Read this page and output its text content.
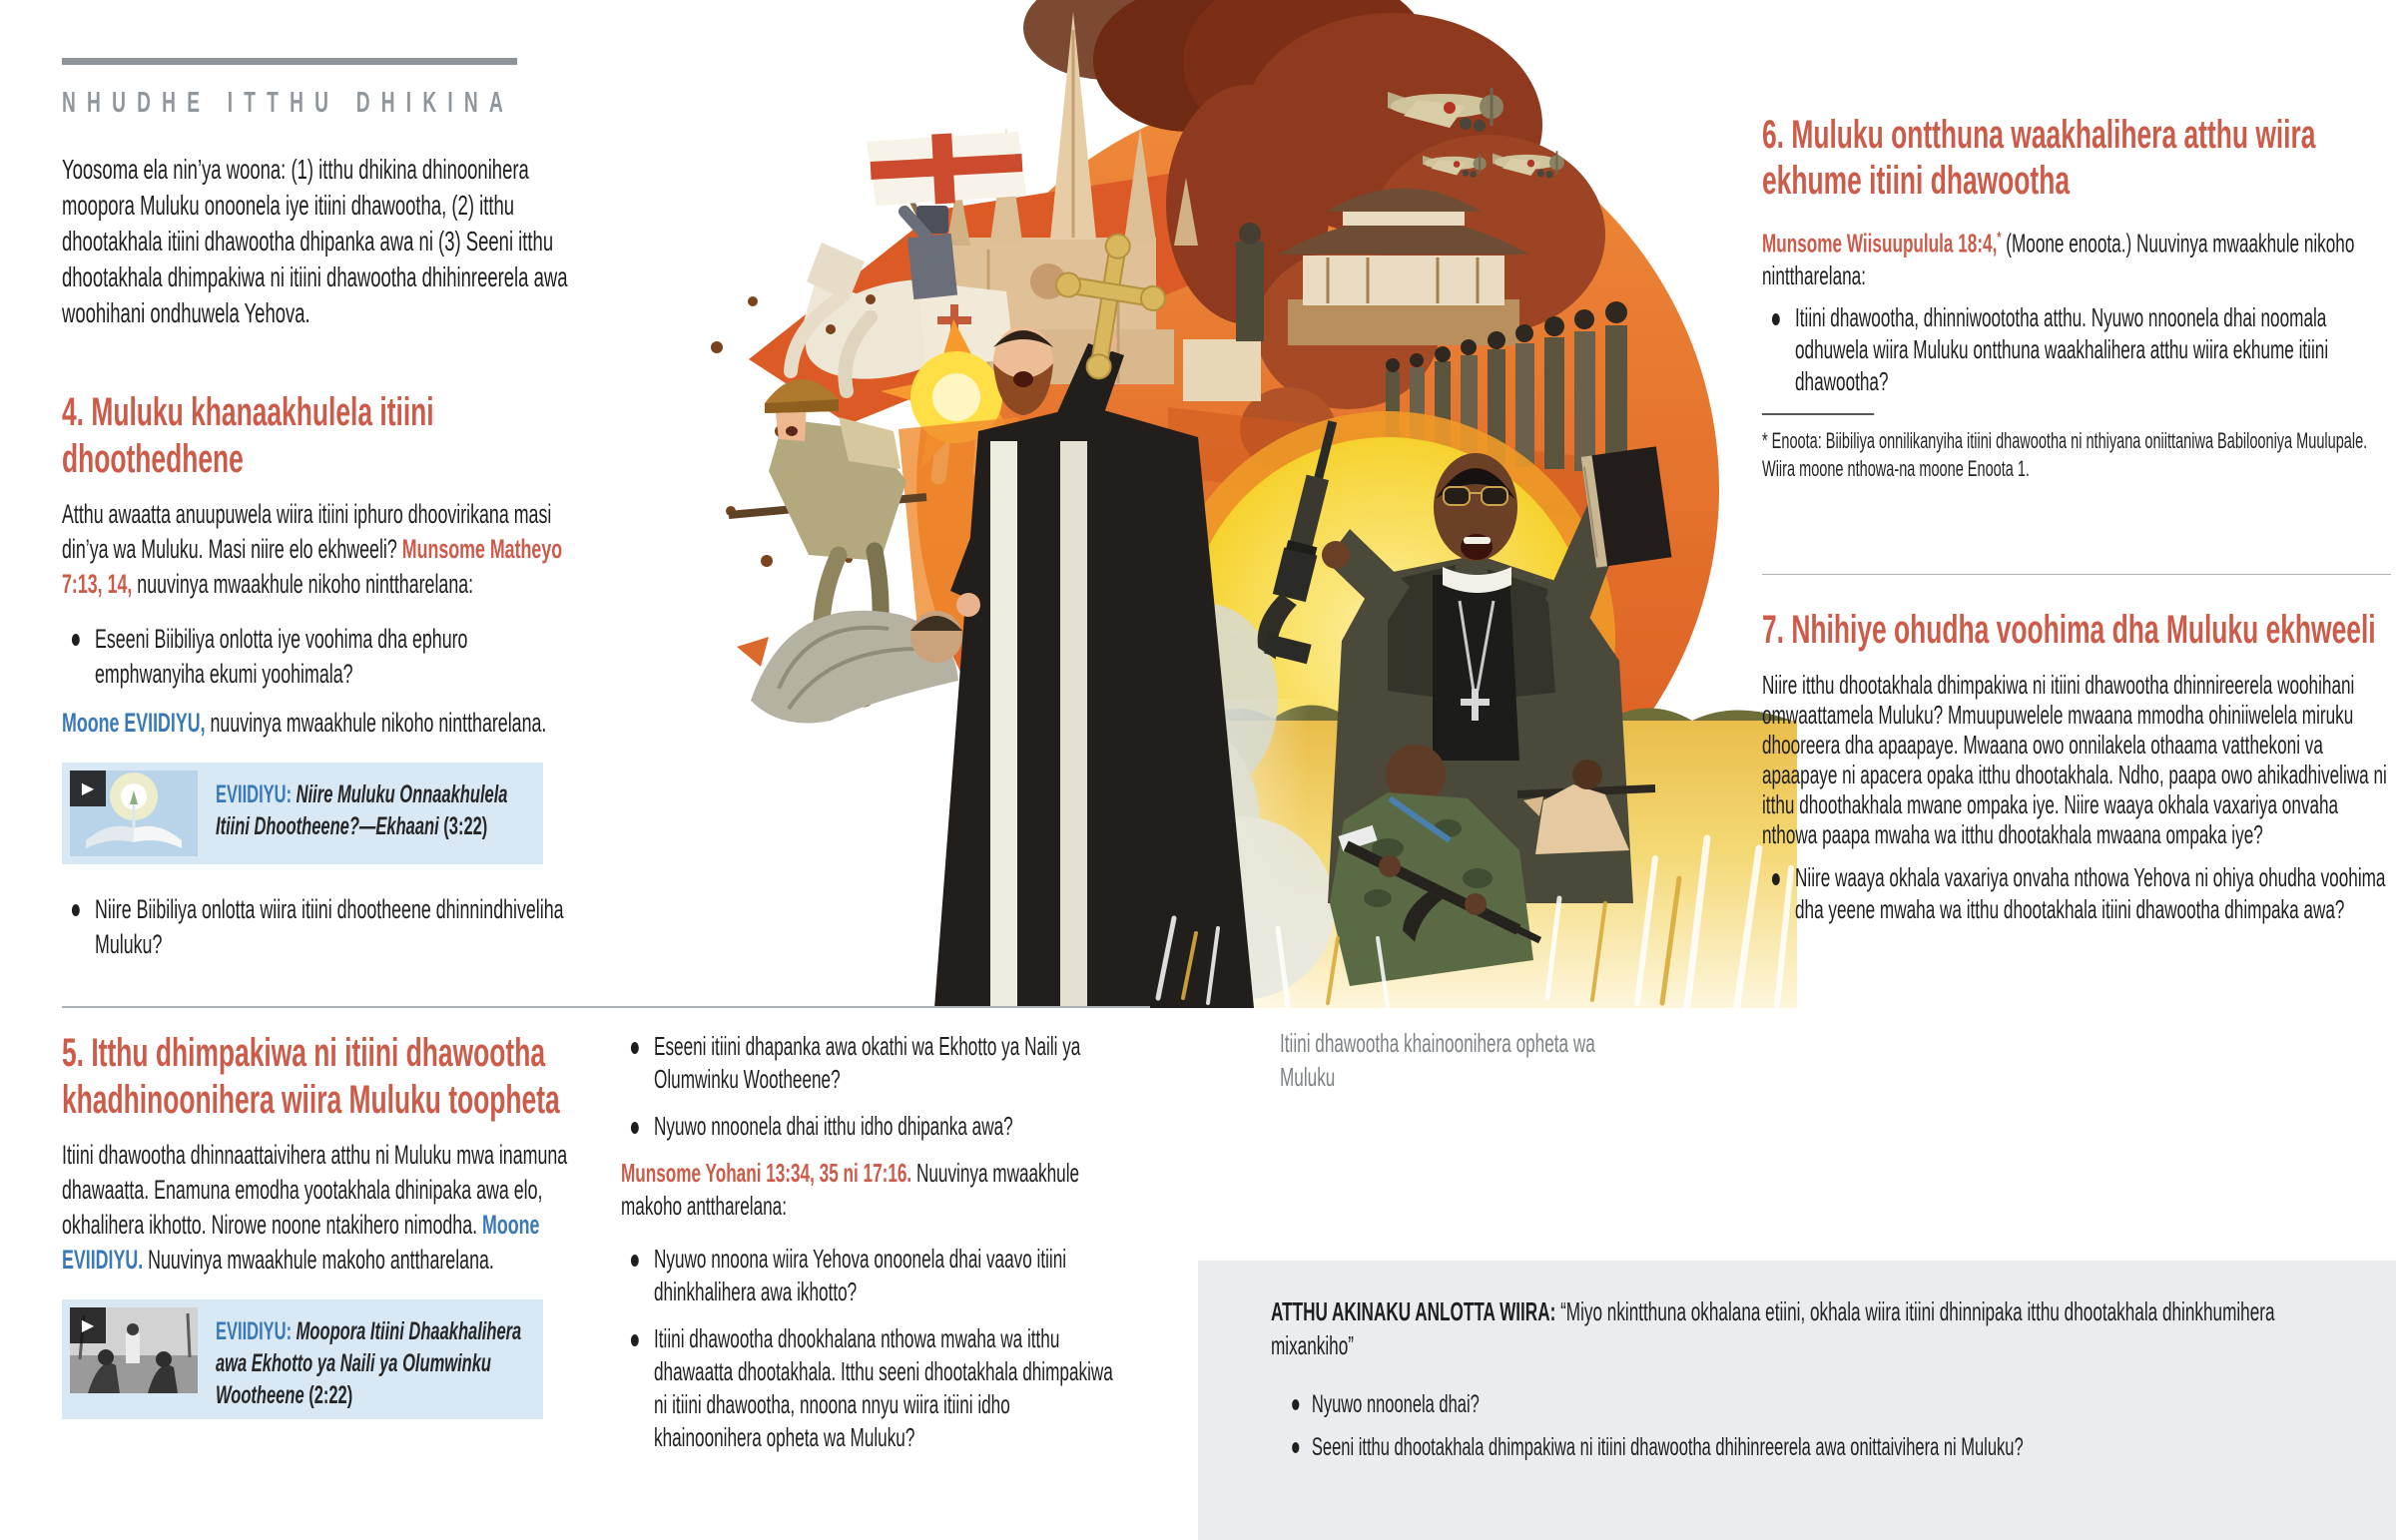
NHUDHE ITTHU DHIKINA

Yoosoma ela nin’ya woona: (1) itthu dhikina dhinoonihera moopora Muluku onoonela iye itiini dhawootha, (2) itthu dhootakhala itiini dhawootha dhipanka awa ni (3) Seeni itthu dhootakhala dhimpakiwa ni itiini dhawootha dhihinreerela awa woohihani ondhuwela Yehova.

4. Muluku khanaakhulela itiini dhoothedhene

Atthu awaatta anuupuwela wiira itiini iphuro dhoovirikana masi din’ya wa Muluku. Masi niire elo ekhweeli? Munsome Matheyo 7:13, 14, nuuvinya mwaakhule nikoho ninttharelana:

Eseeni Biibiliya onlotta iye voohima dha ephuro emphwanyiha ekumi yoohimala?

Moone EVIIDIYU, nuuvinya mwaakhule nikoho ninttharelana.

▶	EVIIDIYU: Niire Muluku Onnaakhulela Itiini Dhootheene?—Ekhaani (3:22)

Niire Biibiliya onlotta wiira itiini dhootheene dhinnindhiveliha Muluku?
5. Itthu dhimpakiwa ni itiini dhawootha khadhinoonihera wiira Muluku toopheta

Itiini dhawootha dhinnaattaivihera atthu ni Muluku mwa inamuna dhawaatta. Enamuna emodha yootakhala dhinipaka awa elo, okhalihera ikhotto. Nirowe noone ntakihero nimodha. Moone EVIIDIYU. Nuuvinya mwaakhule makoho anttharelana.

▶	EVIIDIYU: Moopora Itiini Dhaakhalihera awa Ekhotto ya Naili ya Olumwinku Wootheene (2:22)

Eseeni itiini dhapanka awa okathi wa Ekhotto ya Naili ya Olumwinku Wootheene?
Nyuwo nnoonela dhai itthu idho dhipanka awa?

Munsome Yohani 13:34, 35 ni 17:16. Nuuvinya mwaakhule makoho anttharelana:

Nyuwo nnoona wiira Yehova onoonela dhai vaavo itiini dhinkhalihera awa ikhotto?
Itiini dhawootha dhookhalana nthowa mwaha wa itthu dhawaatta dhootakhala. Itthu seeni dhootakhala dhimpakiwa ni itiini dhawootha, nnoona nnyu wiira itiini idho khainoonihera opheta wa Muluku?

Itiini dhawootha khainoonihera opheta wa Muluku

6. Muluku ontthuna waakhalihera atthu wiira ekhume itiini dhawootha

Munsome Wiisuupulula 18:4,* (Moone enoota.) Nuuvinya mwaakhule nikoho ninttharelana:

Itiini dhawootha, dhinniwoototha atthu. Nyuwo nnoonela dhai noomala odhuwela wiira Muluku ontthuna waakhalihera atthu wiira ekhume itiini dhawootha?

* Enoota: Biibiliya onnilikanyiha itiini dhawootha ni nthiyana oniittaniwa Babilooniya Muulupale. Wiira moone nthowa-na moone Enoota 1.

7. Nhihiye ohudha voohima dha Muluku ekhweeli

Niire itthu dhootakhala dhimpakiwa ni itiini dhawootha dhinnireerela woohihani omwaattamela Muluku? Mmuupuwelele mwaana mmodha ohiniiwelela miruku dhooreera dha apaapaye. Mwaana owo onnilakela othaama vatthekoni va apaapaye ni apacera opaka itthu dhootakhala. Ndho, paapa owo ahikadhiveliwa ni itthu dhoothakhala mwane ompaka iye. Niire waaya okhala vaxariya onvaha nthowa paapa mwaha wa itthu dhootakhala mwaana ompaka iye?

Niire waaya okhala vaxariya onvaha nthowa Yehova ni ohiya ohudha voohima dha yeene mwaha wa itthu dhootakhala itiini dhawootha dhimpaka awa?

ATTHU AKINAKU ANLOTTA WIIRA: “Miyo nkintthuna okhalana etiini, okhala wiira itiini dhinnipaka itthu dhootakhala dhinkhumihera mixankiho”

Nyuwo nnoonela dhai?
Seeni itthu dhootakhala dhimpakiwa ni itiini dhawootha dhihinreerela awa onittaivihera ni Muluku?
